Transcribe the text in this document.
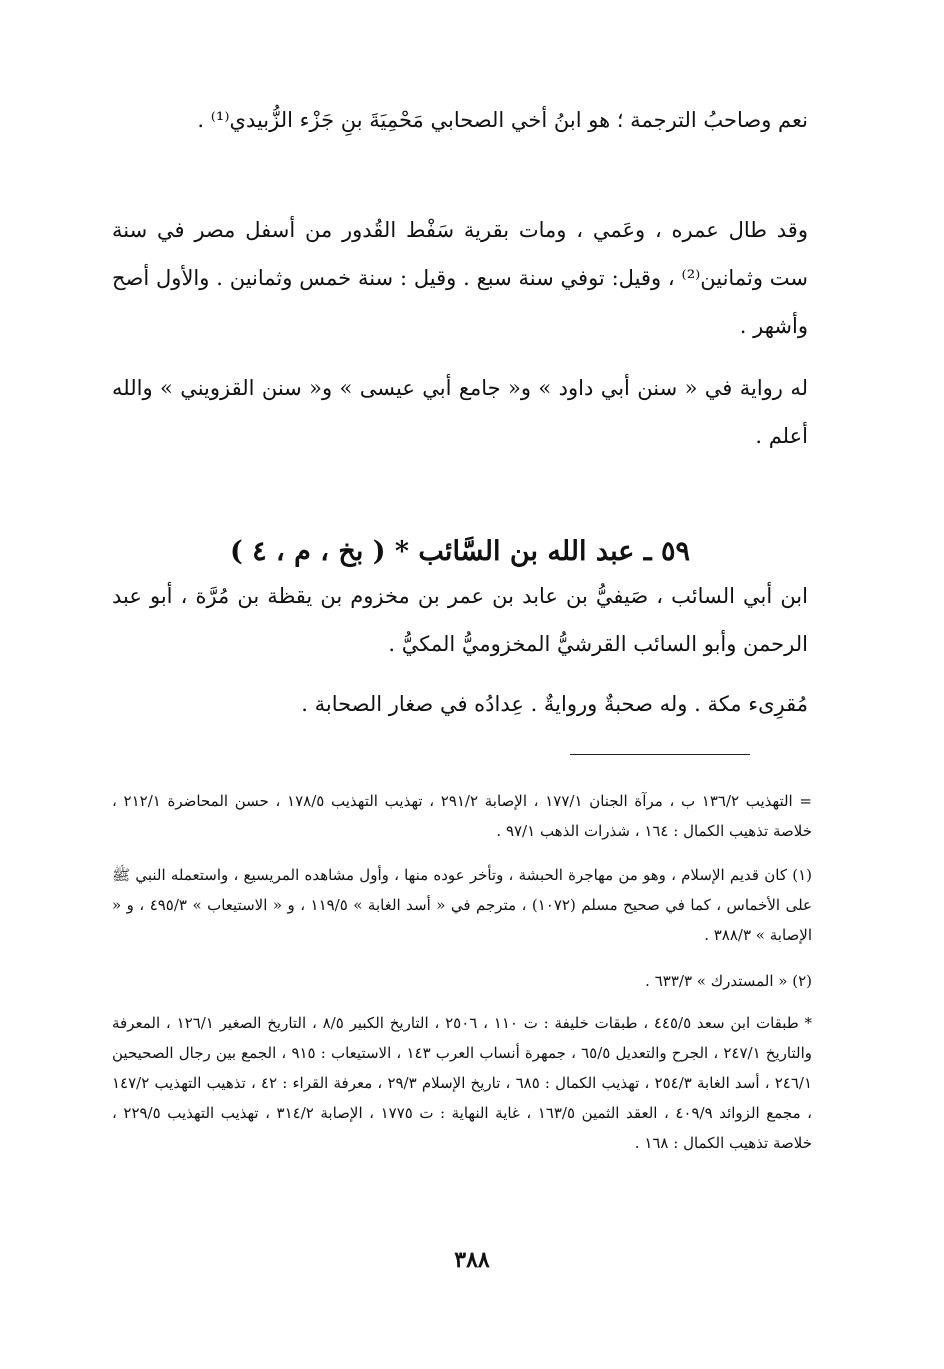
نعم وصاحبُ الترجمة ؛ هو ابنُ أخي الصحابي مَحْمِيَةَ بنِ جَزْء الزُّبيدي⁽¹⁾ .

وقد طال عمره ، وعَمي ، ومات بقرية سَفْط القُدور من أسفل مصر في سنة ست وثمانين⁽²⁾ ، وقيل: توفي سنة سبع . وقيل : سنة خمس وثمانين . والأول أصح وأشهر .

له رواية في « سنن أبي داود » و« جامع أبي عيسى » و« سنن القزويني » والله أعلم .

٥٩ ـ عبد الله بن السَّائب * ( بخ ، م ، ٤ )

ابن أبي السائب ، صَيفيُّ بن عابد بن عمر بن مخزوم بن يقظة بن مُرَّة ، أبو عبد الرحمن وأبو السائب القرشيُّ المخزوميُّ المكيُّ .

مُقرِىء مكة . وله صحبةٌ وروايةٌ . عِدادُه في صغار الصحابة .

= التهذيب ١٣٦/٢ ب ، مرآة الجنان ١٧٧/١ ، الإصابة ٢٩١/٢ ، تهذيب التهذيب ١٧٨/٥ ، حسن المحاضرة ٢١٢/١ ، خلاصة تذهيب الكمال : ١٦٤ ، شذرات الذهب ٩٧/١ .

(١) كان قديم الإسلام ، وهو من مهاجرة الحبشة ، وتأخر عوده منها ، وأول مشاهده المريسيع ، واستعمله النبي ﷺ على الأخماس ، كما في صحيح مسلم (١٠٧٢) ، مترجم في « أسد الغابة » ١١٩/٥ ، و « الاستيعاب » ٤٩٥/٣ ، و « الإصابة » ٣٨٨/٣ .

(٢) « المستدرك » ٦٣٣/٣ .

* طبقات ابن سعد ٤٤٥/٥ ، طبقات خليفة : ت ١١٠ ، ٢٥٠٦ ، التاريخ الكبير ٨/٥ ، التاريخ الصغير ١٢٦/١ ، المعرفة والتاريخ ٢٤٧/١ ، الجرح والتعديل ٦٥/٥ ، جمهرة أنساب العرب ١٤٣ ، الاستيعاب : ٩١٥ ، الجمع بين رجال الصحيحين ٢٤٦/١ ، أسد الغابة ٢٥٤/٣ ، تهذيب الكمال : ٦٨٥ ، تاريخ الإسلام ٢٩/٣ ، معرفة القراء : ٤٢ ، تذهيب التهذيب ١٤٧/٢ ، مجمع الزوائد ٤٠٩/٩ ، العقد الثمين ١٦٣/٥ ، غاية النهاية : ت ١٧٧٥ ، الإصابة ٣١٤/٢ ، تهذيب التهذيب ٢٢٩/٥ ، خلاصة تذهيب الكمال : ١٦٨ .

٣٨٨
